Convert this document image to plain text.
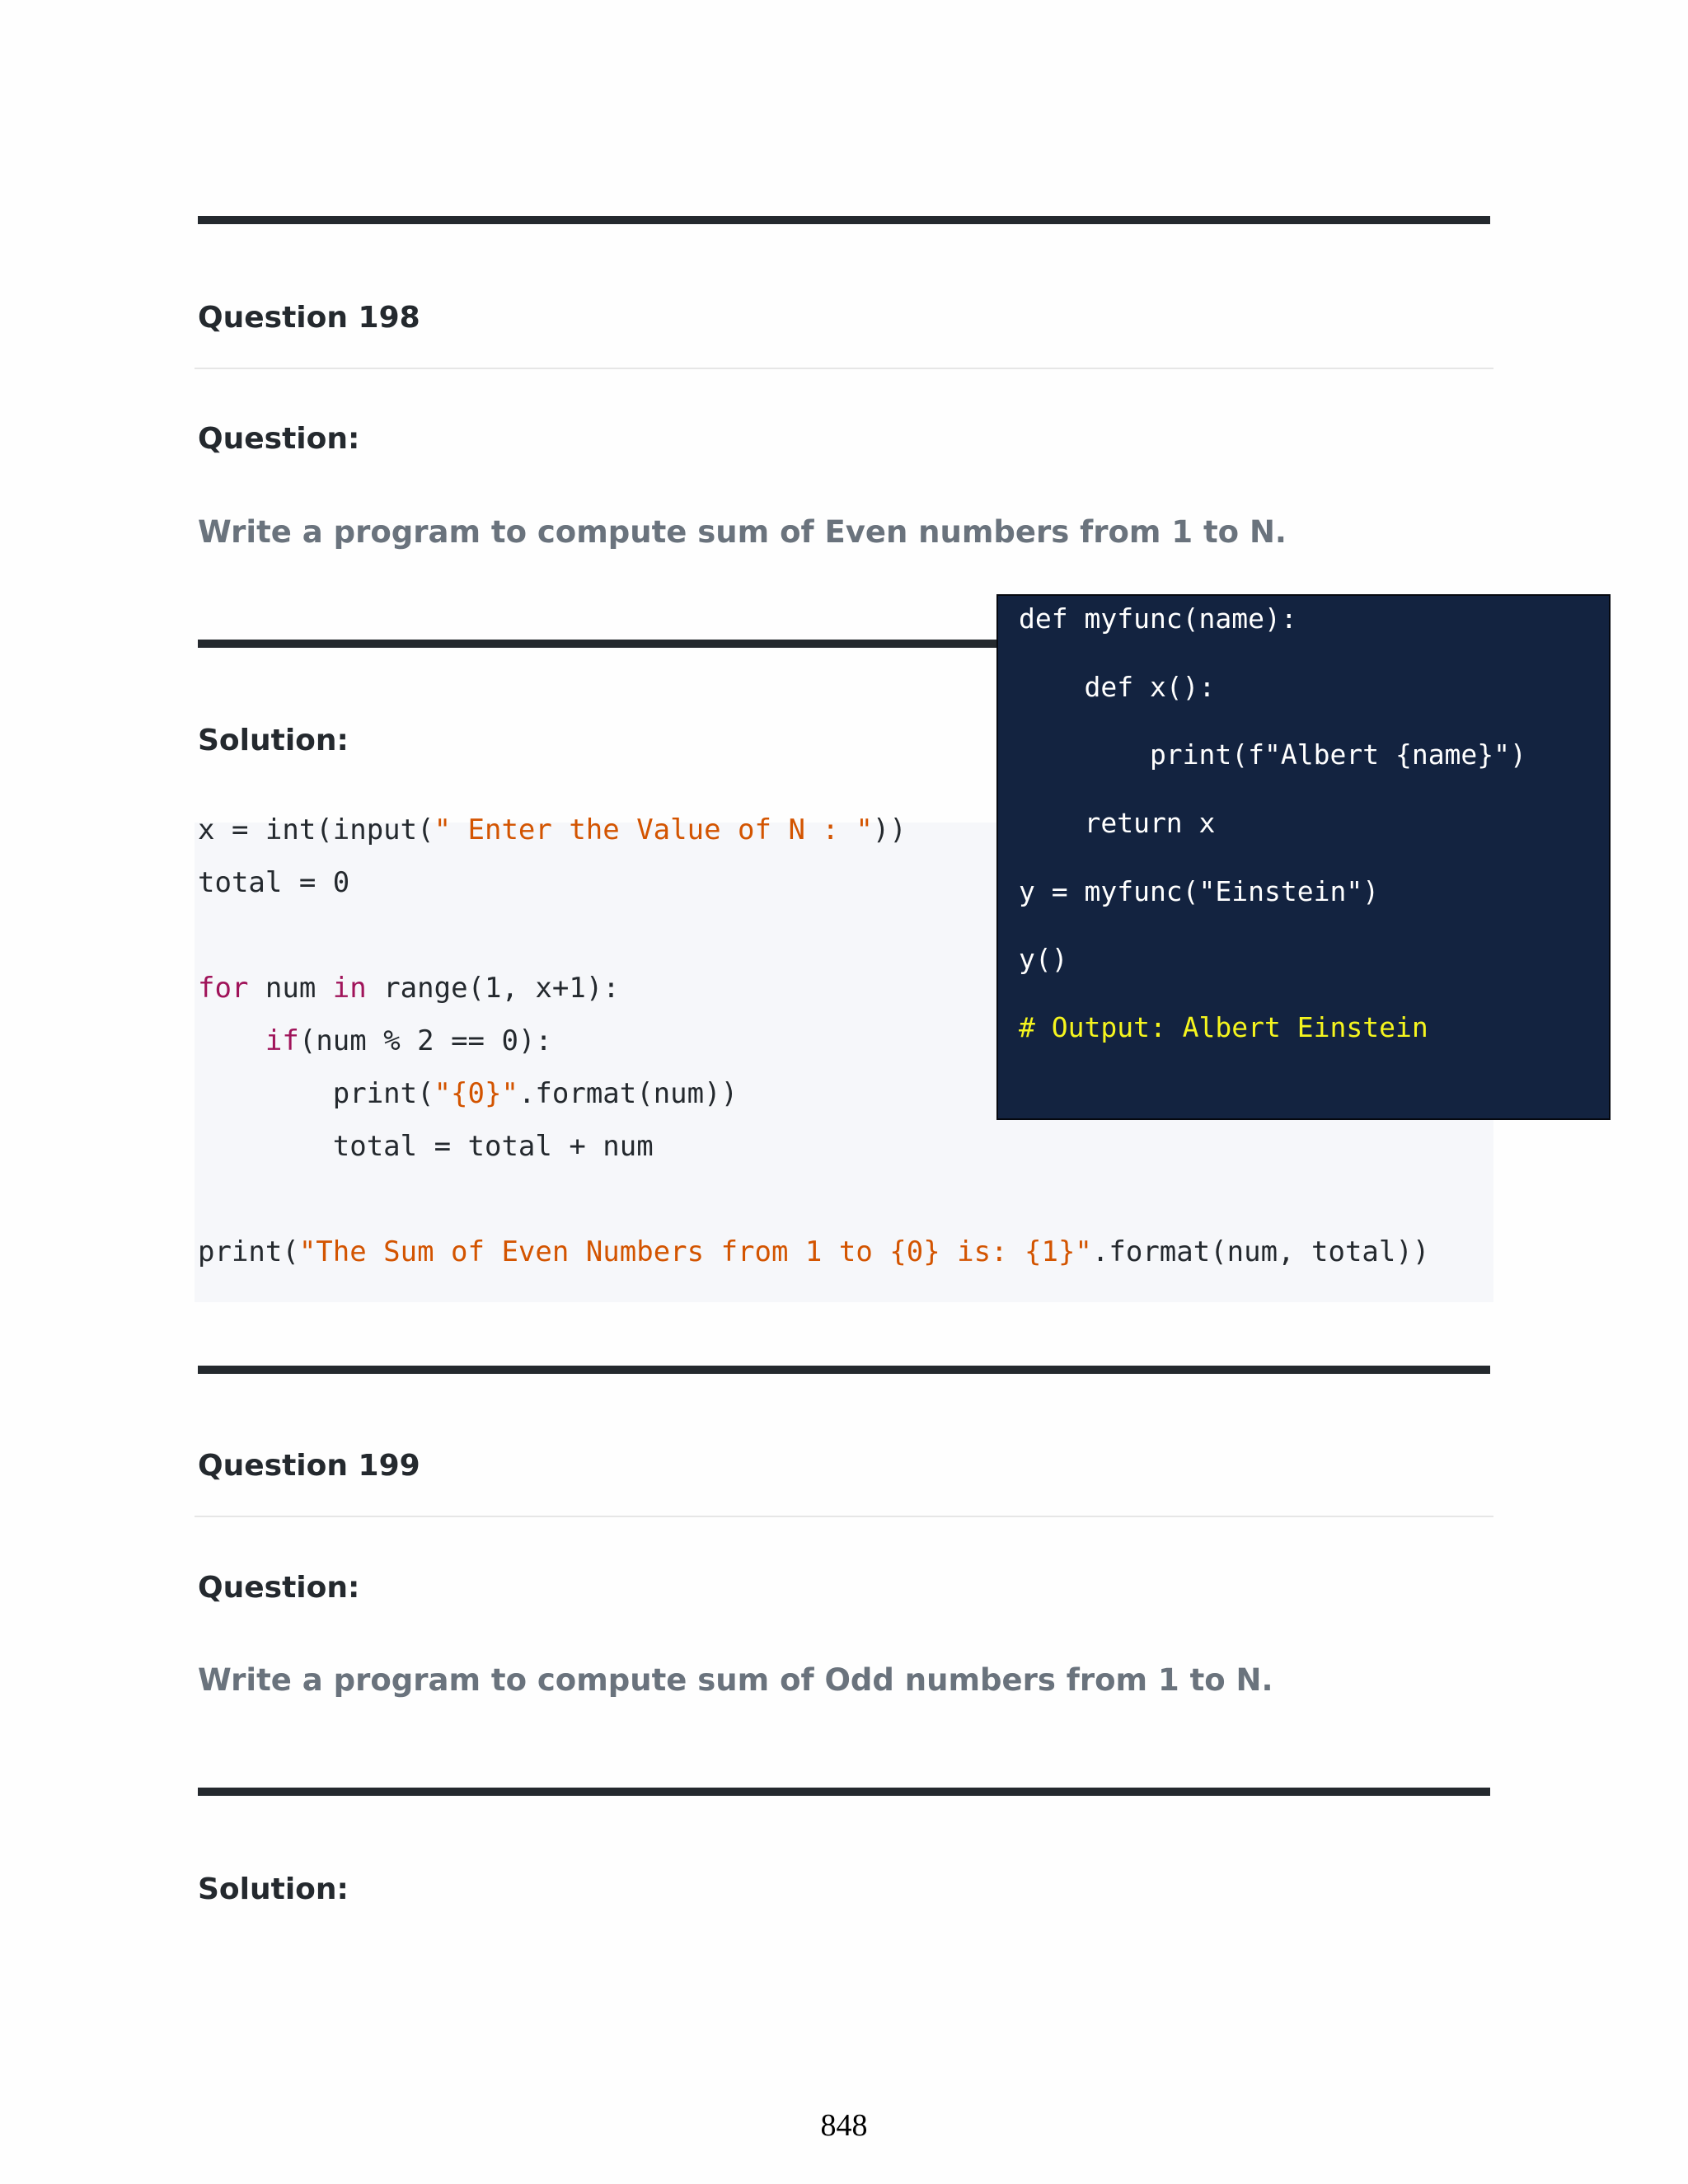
Question 198
Question:
Write a program to compute sum of Even numbers from 1 to N.
Solution:
x = int(input(" Enter the Value of N : "))
total = 0
for num in range(1, x+1):
if(num % 2 == 0):
print("{0}".format(num))
total = total + num
print("The Sum of Even Numbers from 1 to {0} is: {1}".format(num, total))
def myfunc(name):
def x():
print(f"Albert {name}")
return x
y = myfunc("Einstein")
y()
# Output: Albert Einstein
Question 199
Question:
Write a program to compute sum of Odd numbers from 1 to N.
Solution:
848
